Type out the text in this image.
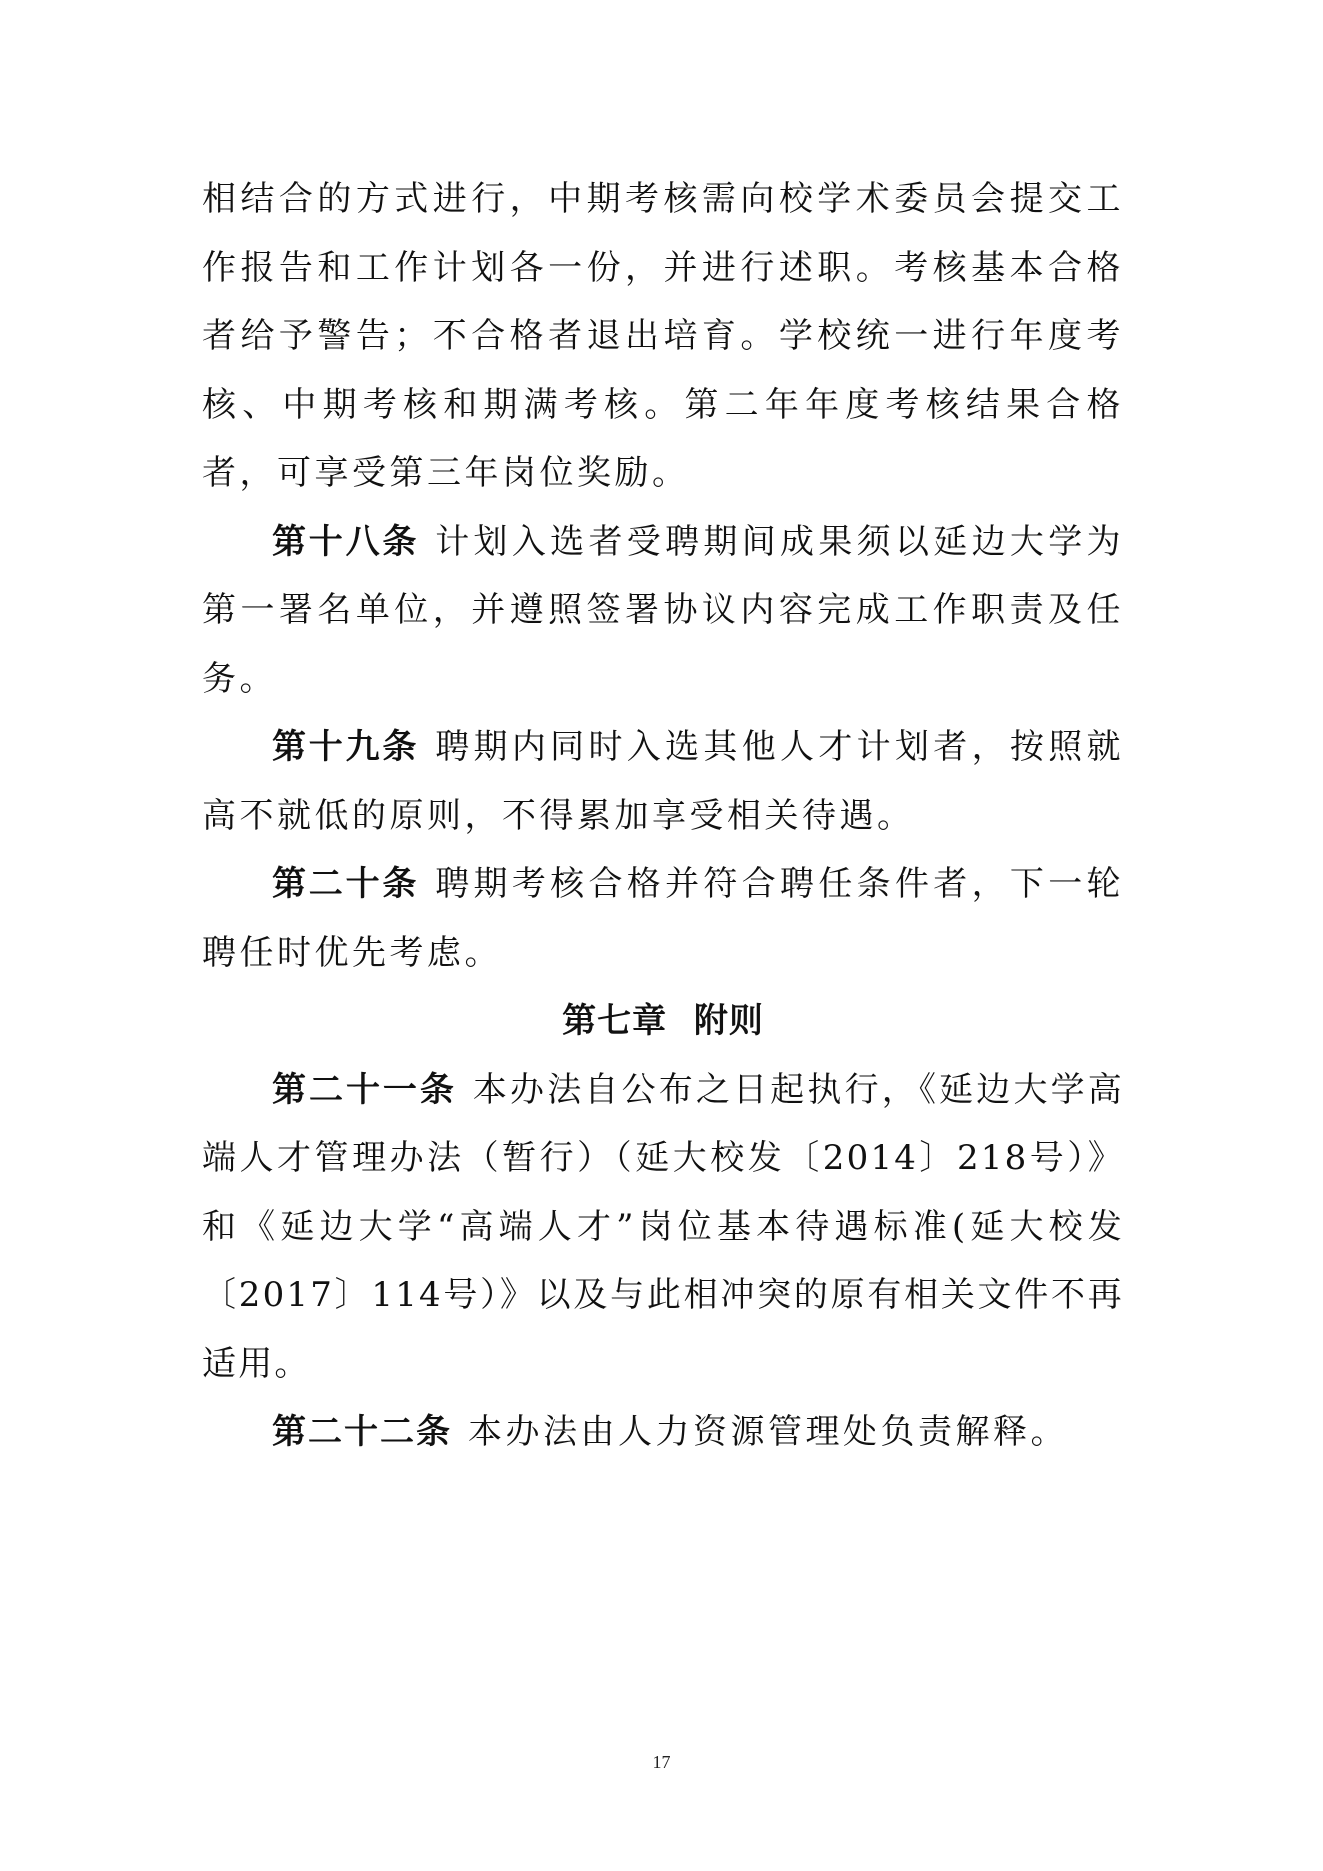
相结合的方式进行，中期考核需向校学术委员会提交工作报告和工作计划各一份，并进行述职。考核基本合格者给予警告；不合格者退出培育。学校统一进行年度考核、中期考核和期满考核。第二年年度考核结果合格者，可享受第三年岗位奖励。

第十八条 计划入选者受聘期间成果须以延边大学为第一署名单位，并遵照签署协议内容完成工作职责及任务。

第十九条 聘期内同时入选其他人才计划者，按照就高不就低的原则，不得累加享受相关待遇。

第二十条 聘期考核合格并符合聘任条件者，下一轮聘任时优先考虑。

第七章 附则

第二十一条 本办法自公布之日起执行，《延边大学高端人才管理办法（暂行）（延大校发〔2014〕218号）》和《延边大学“高端人才”岗位基本待遇标准(延大校发〔2017〕114号）》以及与此相冲突的原有相关文件不再适用。

第二十二条 本办法由人力资源管理处负责解释。

17
